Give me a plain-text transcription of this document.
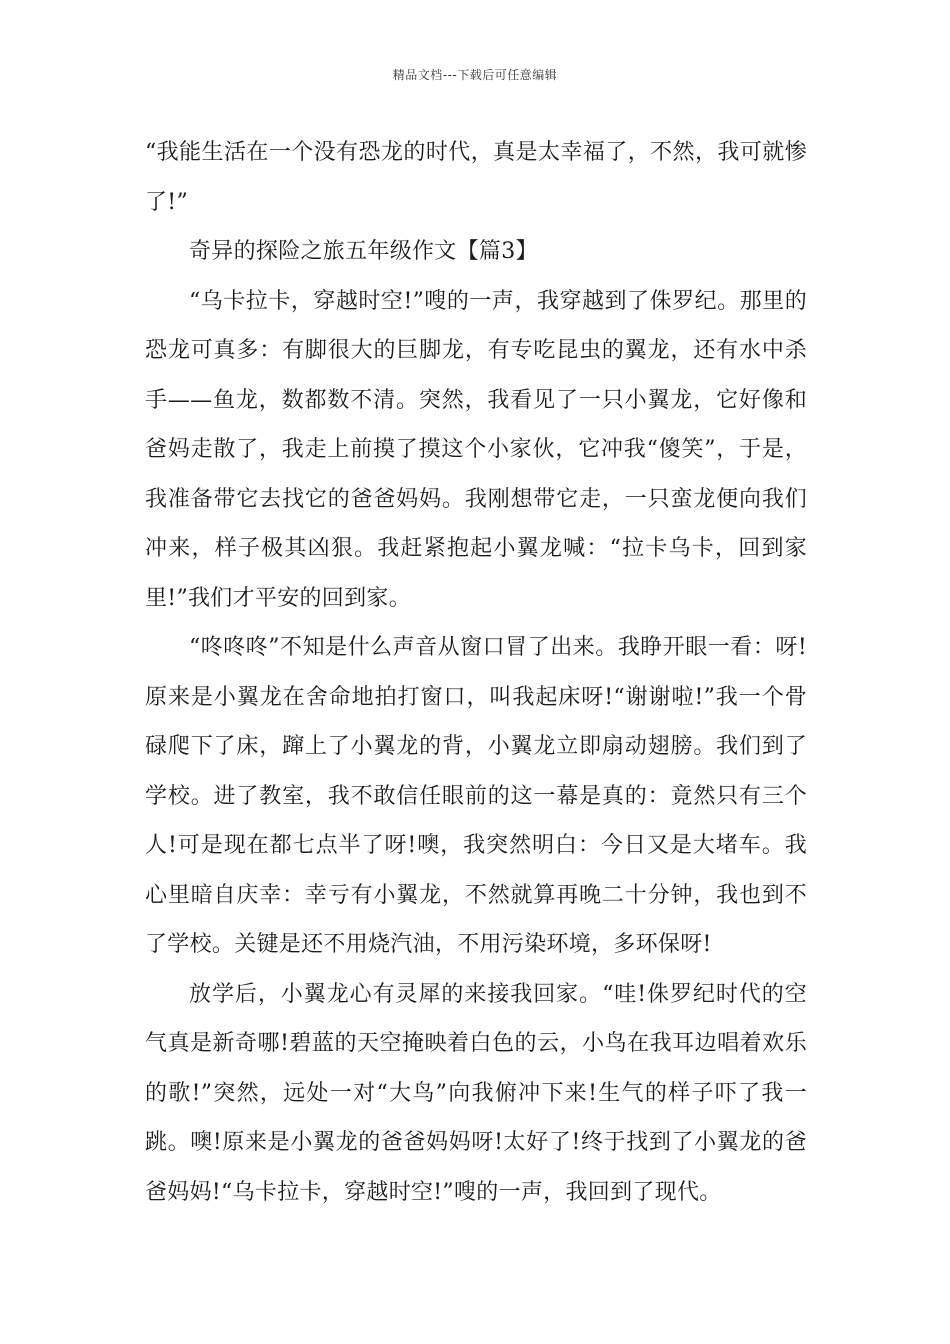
精品文档---下载后可任意编辑

“我能生活在一个没有恐龙的时代，真是太幸福了，不然，我可就惨了!”

奇异的探险之旅五年级作文【篇3】

“乌卡拉卡，穿越时空!”嗖的一声，我穿越到了侏罗纪。那里的恐龙可真多：有脚很大的巨脚龙，有专吃昆虫的翼龙，还有水中杀手——鱼龙，数都数不清。突然，我看见了一只小翼龙，它好像和爸妈走散了，我走上前摸了摸这个小家伙，它冲我“傻笑”，于是，我准备带它去找它的爸爸妈妈。我刚想带它走，一只蛮龙便向我们冲来，样子极其凶狠。我赶紧抱起小翼龙喊：“拉卡乌卡，回到家里!”我们才平安的回到家。

“咚咚咚”不知是什么声音从窗口冒了出来。我睁开眼一看：呀!原来是小翼龙在舍命地拍打窗口，叫我起床呀!“谢谢啦!”我一个骨碌爬下了床，蹿上了小翼龙的背，小翼龙立即扇动翅膀。我们到了学校。进了教室，我不敢信任眼前的这一幕是真的：竟然只有三个人!可是现在都七点半了呀!噢，我突然明白：今日又是大堵车。我心里暗自庆幸：幸亏有小翼龙，不然就算再晚二十分钟，我也到不了学校。关键是还不用烧汽油，不用污染环境，多环保呀!

放学后，小翼龙心有灵犀的来接我回家。“哇!侏罗纪时代的空气真是新奇哪!碧蓝的天空掩映着白色的云，小鸟在我耳边唱着欢乐的歌!”突然，远处一对“大鸟”向我俯冲下来!生气的样子吓了我一跳。噢!原来是小翼龙的爸爸妈妈呀!太好了!终于找到了小翼龙的爸爸妈妈!“乌卡拉卡，穿越时空!”嗖的一声，我回到了现代。
